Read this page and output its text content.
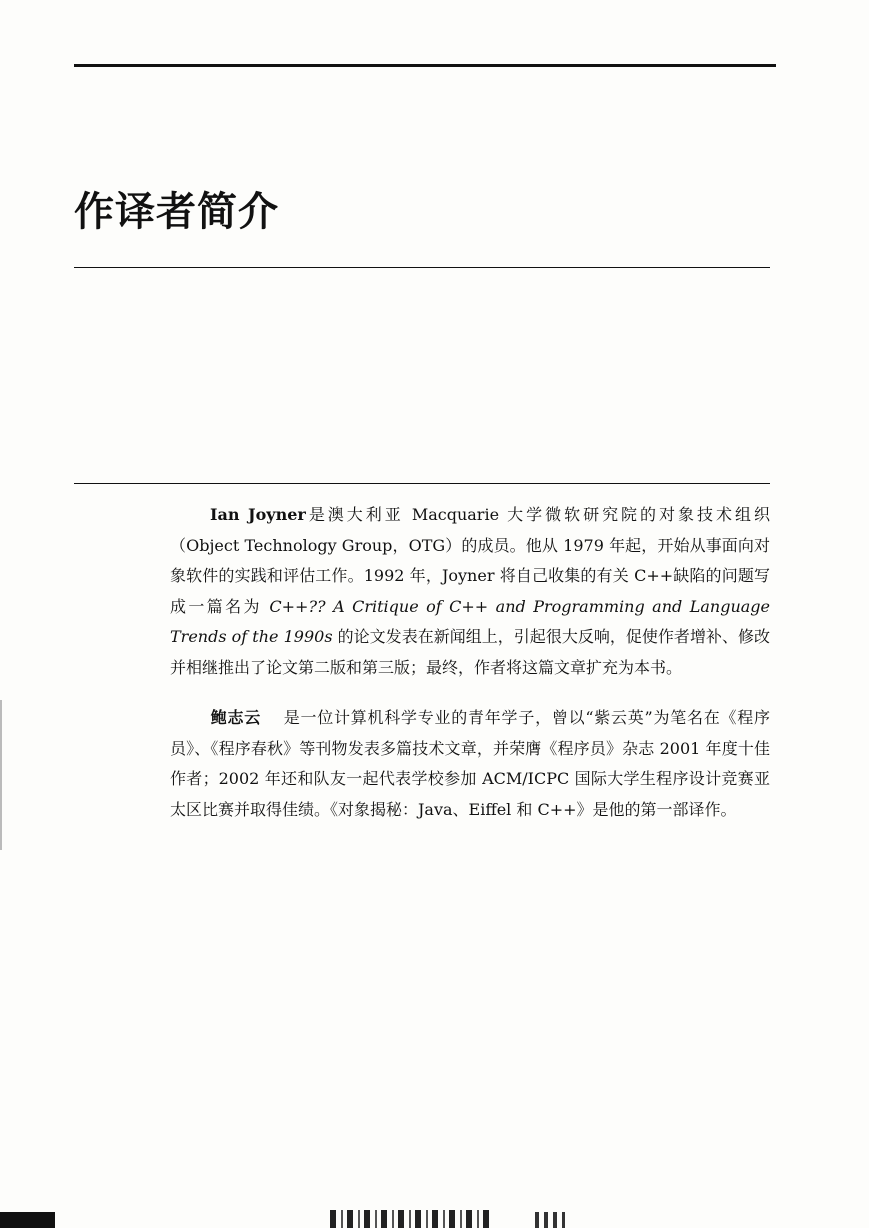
作译者简介

Ian Joyner是澳大利亚 Macquarie 大学微软研究院的对象技术组织（Object Technology Group，OTG）的成员。他从 1979 年起，开始从事面向对象软件的实践和评估工作。1992 年，Joyner 将自己收集的有关 C++缺陷的问题写成一篇名为 C++?? A Critique of C++ and Programming and Language Trends of the 1990s 的论文发表在新闻组上，引起很大反响，促使作者增补、修改并相继推出了论文第二版和第三版；最终，作者将这篇文章扩充为本书。

鲍志云 是一位计算机科学专业的青年学子，曾以“紫云英”为笔名在《程序员》、《程序春秋》等刊物发表多篇技术文章，并荣膺《程序员》杂志 2001 年度十佳作者；2002 年还和队友一起代表学校参加 ACM/ICPC 国际大学生程序设计竞赛亚太区比赛并取得佳绩。《对象揭秘：Java、Eiffel 和 C++》是他的第一部译作。
